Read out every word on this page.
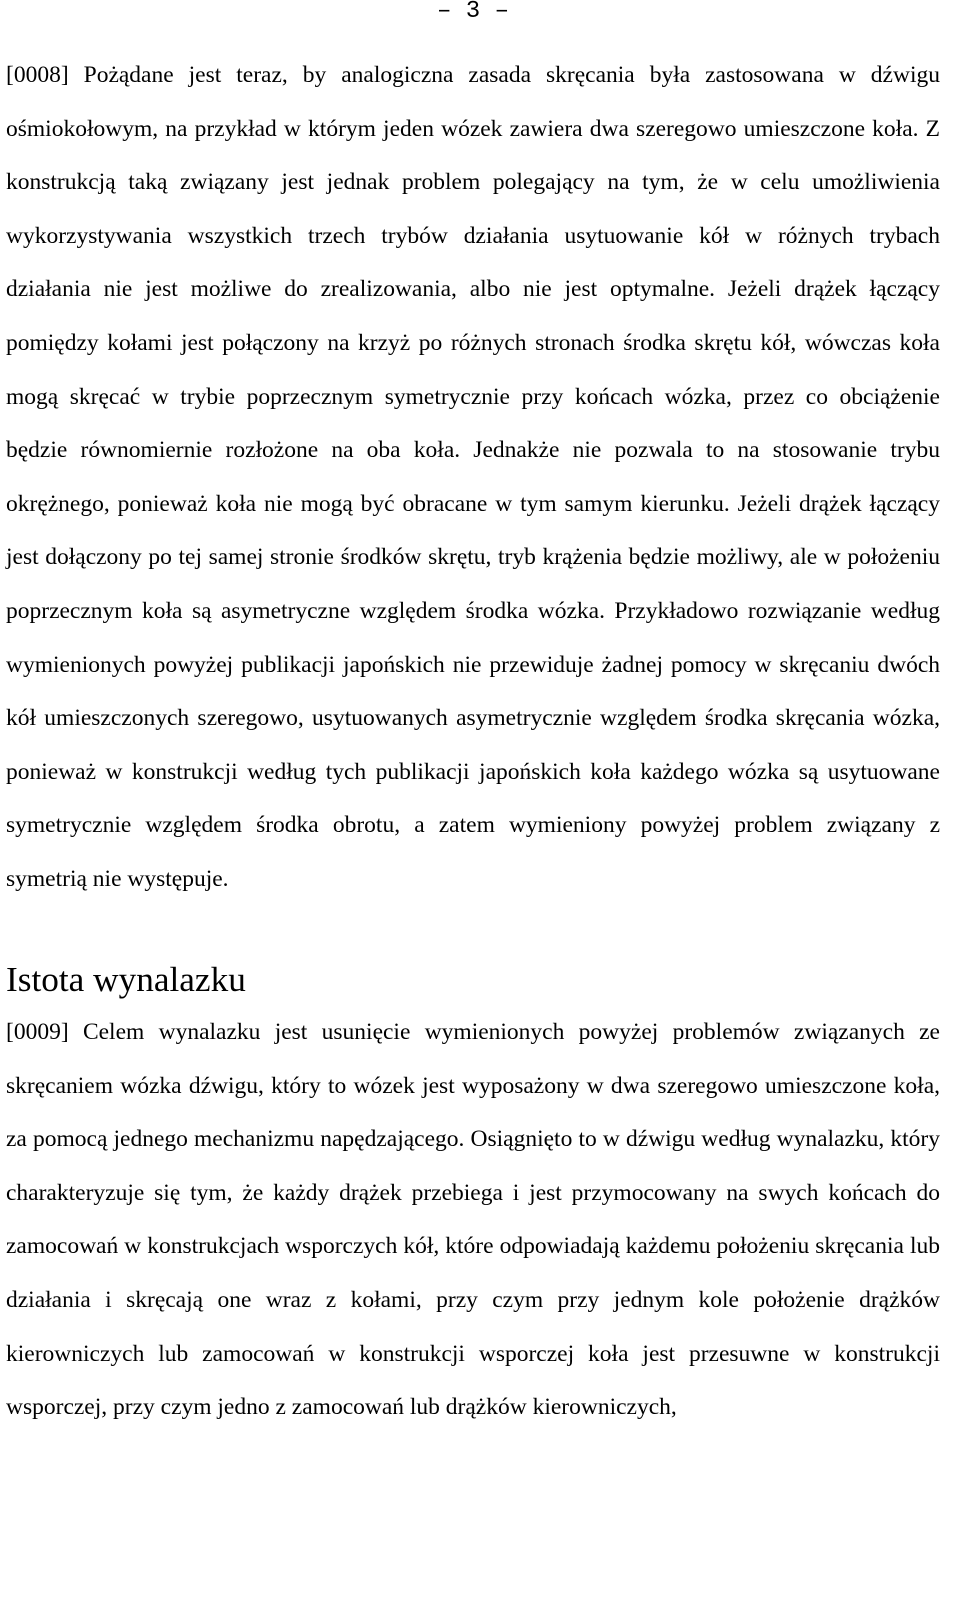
– 3 –

[0008] Pożądane jest teraz, by analogiczna zasada skręcania była zastosowana w dźwigu ośmiokołowym, na przykład w którym jeden wózek zawiera dwa szeregowo umieszczone koła. Z konstrukcją taką związany jest jednak problem polegający na tym, że w celu umożliwienia wykorzystywania wszystkich trzech trybów działania usytuowanie kół w różnych trybach działania nie jest możliwe do zrealizowania, albo nie jest optymalne. Jeżeli drążek łączący pomiędzy kołami jest połączony na krzyż po różnych stronach środka skrętu kół, wówczas koła mogą skręcać w trybie poprzecznym symetrycznie przy końcach wózka, przez co obciążenie będzie równomiernie rozłożone na oba koła. Jednakże nie pozwala to na stosowanie trybu okrężnego, ponieważ koła nie mogą być obracane w tym samym kierunku. Jeżeli drążek łączący jest dołączony po tej samej stronie środków skrętu, tryb krążenia będzie możliwy, ale w położeniu poprzecznym koła są asymetryczne względem środka wózka. Przykładowo rozwiązanie według wymienionych powyżej publikacji japońskich nie przewiduje żadnej pomocy w skręcaniu dwóch kół umieszczonych szeregowo, usytuowanych asymetrycznie względem środka skręcania wózka, ponieważ w konstrukcji według tych publikacji japońskich koła każdego wózka są usytuowane symetrycznie względem środka obrotu, a zatem wymieniony powyżej problem związany z symetrią nie występuje.

Istota wynalazku

[0009] Celem wynalazku jest usunięcie wymienionych powyżej problemów związanych ze skręcaniem wózka dźwigu, który to wózek jest wyposażony w dwa szeregowo umieszczone koła, za pomocą jednego mechanizmu napędzającego. Osiągnięto to w dźwigu według wynalazku, który charakteryzuje się tym, że każdy drążek przebiega i jest przymocowany na swych końcach do zamocowań w konstrukcjach wsporczych kół, które odpowiadają każdemu położeniu skręcania lub działania i skręcają one wraz z kołami, przy czym przy jednym kole położenie drążków kierowniczych lub zamocowań w konstrukcji wsporczej koła jest przesuwne w konstrukcji wsporczej, przy czym jedno z zamocowań lub drążków kierowniczych,
